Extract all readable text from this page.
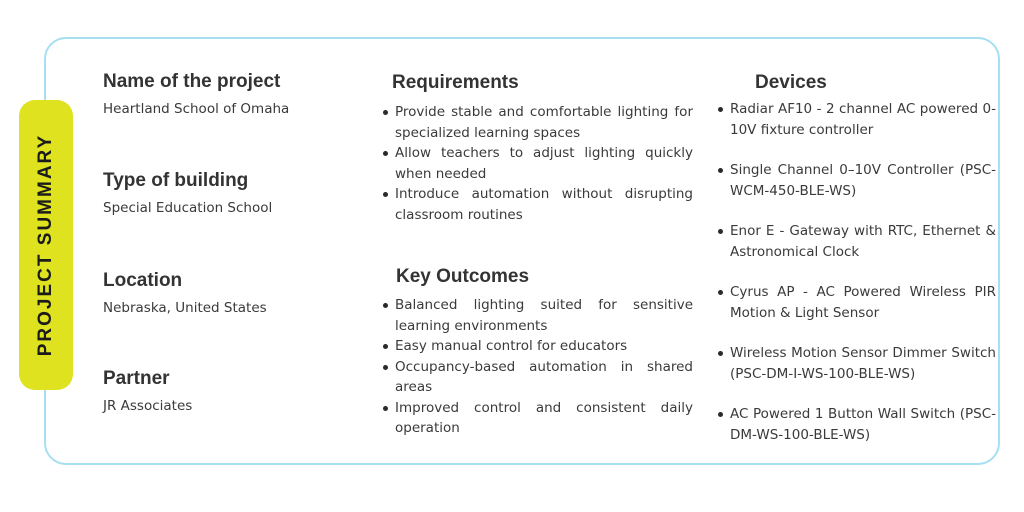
PROJECT SUMMARY
Name of the project
Heartland School of Omaha
Type of building
Special Education School
Location
Nebraska, United States
Partner
JR Associates
Requirements
Provide stable and comfortable lighting for specialized learning spaces
Allow teachers to adjust lighting quickly when needed
Introduce automation without disrupting classroom routines
Key Outcomes
Balanced lighting suited for sensitive learning environments
Easy manual control for educators
Occupancy-based automation in shared areas
Improved control and consistent daily operation
Devices
Radiar AF10 - 2 channel AC powered 0-10V fixture controller
Single Channel 0–10V Controller (PSC-WCM-450-BLE-WS)
Enor E - Gateway with RTC, Ethernet & Astronomical Clock
Cyrus AP - AC Powered Wireless PIR Motion & Light Sensor
Wireless Motion Sensor Dimmer Switch (PSC-DM-I-WS-100-BLE-WS)
AC Powered 1 Button Wall Switch (PSC-DM-WS-100-BLE-WS)
